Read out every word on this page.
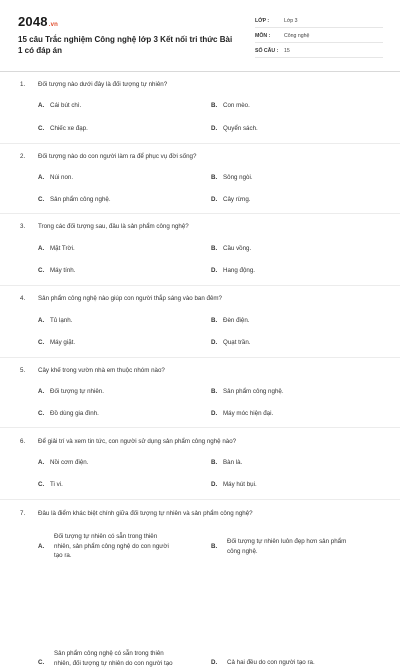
2048.vn
15 câu Trắc nghiệm Công nghệ lớp 3 Kết nối tri thức Bài 1 có đáp án
LỚP :	Lớp 3
MÔN :	Công nghệ
SỐ CÂU :	15
1. Đối tượng nào dưới đây là đối tượng tự nhiên?
A. Cái bút chì.	B. Con mèo.
C. Chiếc xe đạp.	D. Quyển sách.
2. Đối tượng nào do con người làm ra để phục vụ đời sống?
A. Núi non.	B. Sông ngòi.
C. Sản phẩm công nghệ.	D. Cây rừng.
3. Trong các đối tượng sau, đâu là sản phẩm công nghệ?
A. Mặt Trời.	B. Cầu vồng.
C. Máy tính.	D. Hang động.
4. Sản phẩm công nghệ nào giúp con người thắp sáng vào ban đêm?
A. Tủ lạnh.	B. Đèn điện.
C. Máy giặt.	D. Quạt trần.
5. Cây khế trong vườn nhà em thuộc nhóm nào?
A. Đối tượng tự nhiên.	B. Sản phẩm công nghệ.
C. Đồ dùng gia đình.	D. Máy móc hiện đại.
6. Để giải trí và xem tin tức, con người sử dụng sản phẩm công nghệ nào?
A. Nồi cơm điện.	B. Bàn là.
C. Ti vi.	D. Máy hút bụi.
7. Đâu là điểm khác biệt chính giữa đối tượng tự nhiên và sản phẩm công nghệ?
A.
Đối tượng tự nhiên có sẵn trong thiên
nhiên, sản phẩm công nghệ do con người
tạo ra.
B.
Đối tượng tự nhiên luôn đẹp hơn sản phẩm
công nghệ.
C.
Sản phẩm công nghệ có sẵn trong thiên
nhiên, đối tượng tự nhiên do con người tạo	D.	Cả hai đều do con người tạo ra.
